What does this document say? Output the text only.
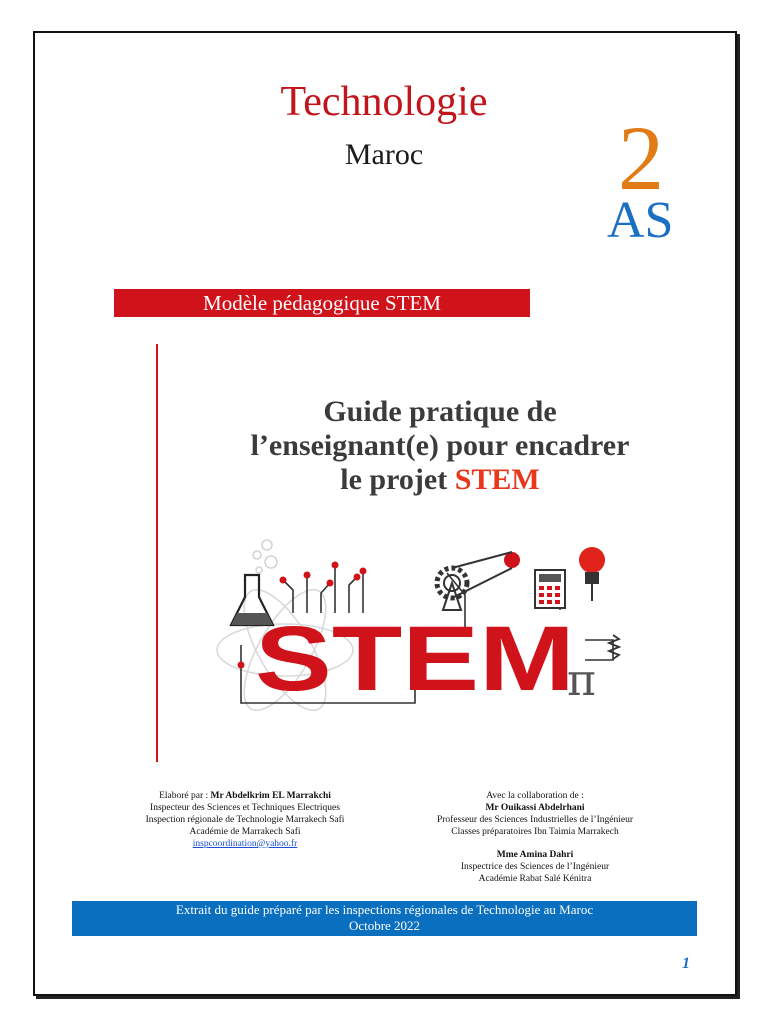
Technologie
Maroc	2
AS
Modèle pédagogique STEM
Guide pratique de
l’enseignant(e) pour encadrer
le projet STEM
STEM
∞
π
Elaboré par : Mr Abdelkrim EL Marrakchi
Inspecteur des Sciences et Techniques Electriques
Inspection régionale de Technologie Marrakech Safi
Académie de Marrakech Safi
inspcoordination@yahoo.fr
Avec la collaboration de :
Mr Ouikassi Abdelrhani
Professeur des Sciences Industrielles de l’Ingénieur
Classes préparatoires Ibn Taimia Marrakech
Mme Amina Dahri
Inspectrice des Sciences de l’Ingénieur
Académie Rabat Salé Kénitra
Extrait du guide préparé par les inspections régionales de Technologie au Maroc
Octobre 2022
1
